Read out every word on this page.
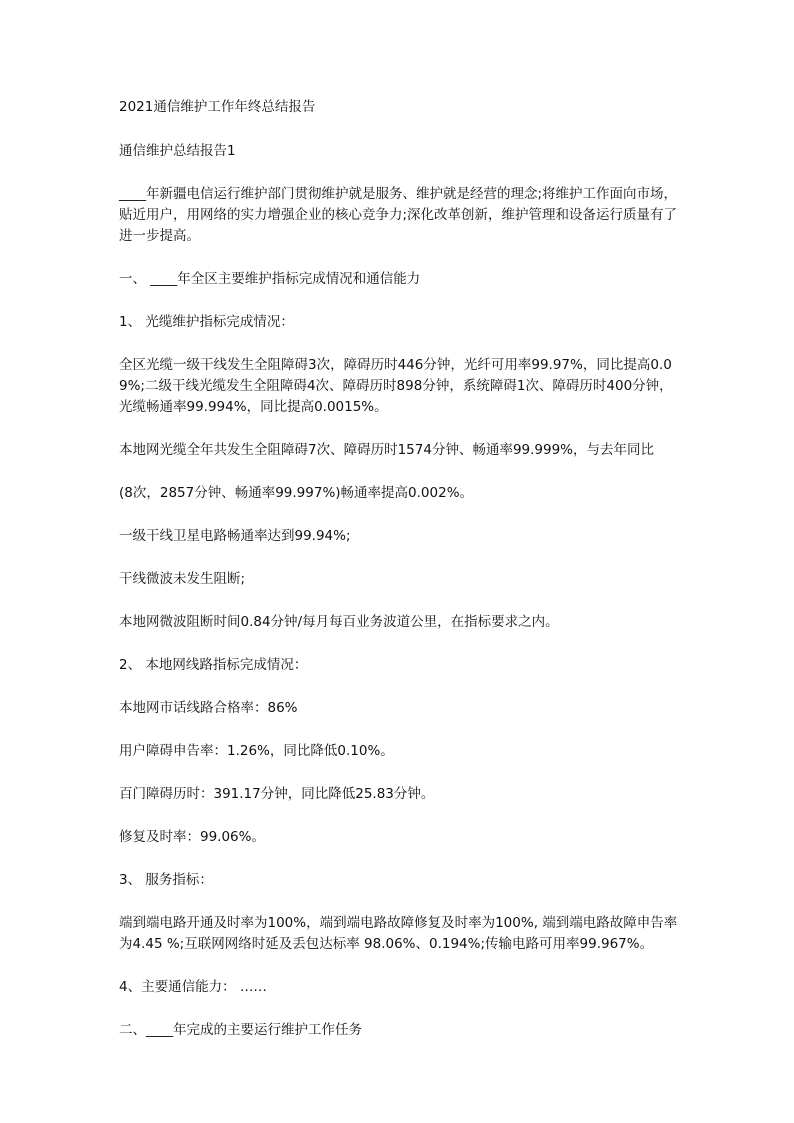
2021通信维护工作年终总结报告

通信维护总结报告1

____年新疆电信运行维护部门贯彻维护就是服务、维护就是经营的理念;将维护工作面向市场，贴近用户，用网络的实力增强企业的核心竞争力;深化改革创新，维护管理和设备运行质量有了进一步提高。

一、 ____年全区主要维护指标完成情况和通信能力

1、 光缆维护指标完成情况：

全区光缆一级干线发生全阻障碍3次，障碍历时446分钟，光纤可用率99.97%，同比提高0.09%;二级干线光缆发生全阻障碍4次、障碍历时898分钟，系统障碍1次、障碍历时400分钟，光缆畅通率99.994%，同比提高0.0015%。

本地网光缆全年共发生全阻障碍7次、障碍历时1574分钟、畅通率99.999%，与去年同比

(8次，2857分钟、畅通率99.997%)畅通率提高0.002%。

一级干线卫星电路畅通率达到99.94%;

干线微波未发生阻断;

本地网微波阻断时间0.84分钟/每月每百业务波道公里，在指标要求之内。

2、 本地网线路指标完成情况：

本地网市话线路合格率：86%

用户障碍申告率：1.26%，同比降低0.10%。

百门障碍历时：391.17分钟，同比降低25.83分钟。

修复及时率：99.06%。

3、 服务指标：

端到端电路开通及时率为100%，端到端电路故障修复及时率为100%, 端到端电路故障申告率为4.45 %;互联网网络时延及丢包达标率 98.06%、0.194%;传输电路可用率99.967%。

4、主要通信能力： ……

二、____年完成的主要运行维护工作任务
